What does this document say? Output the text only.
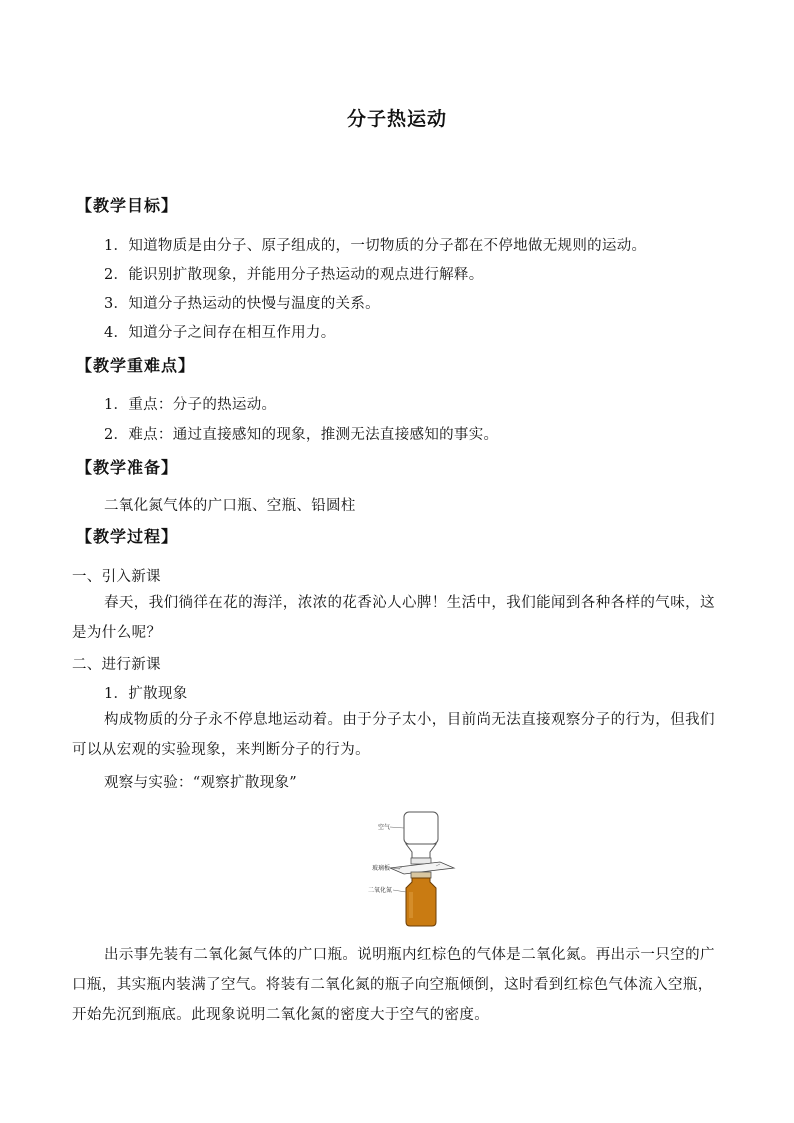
分子热运动
【教学目标】
1．知道物质是由分子、原子组成的，一切物质的分子都在不停地做无规则的运动。
2．能识别扩散现象，并能用分子热运动的观点进行解释。
3．知道分子热运动的快慢与温度的关系。
4．知道分子之间存在相互作用力。
【教学重难点】
1．重点：分子的热运动。
2．难点：通过直接感知的现象，推测无法直接感知的事实。
【教学准备】
二氧化氮气体的广口瓶、空瓶、铅圆柱
【教学过程】
一、引入新课
春天，我们徜徉在花的海洋，浓浓的花香沁人心脾！生活中，我们能闻到各种各样的气味，这是为什么呢？
二、进行新课
1．扩散现象
构成物质的分子永不停息地运动着。由于分子太小，目前尚无法直接观察分子的行为，但我们可以从宏观的实验现象，来判断分子的行为。
观察与实验：“观察扩散现象”
空气
玻璃板
二氧化氮
出示事先装有二氧化氮气体的广口瓶。说明瓶内红棕色的气体是二氧化氮。再出示一只空的广口瓶，其实瓶内装满了空气。将装有二氧化氮的瓶子向空瓶倾倒，这时看到红棕色气体流入空瓶，开始先沉到瓶底。此现象说明二氧化氮的密度大于空气的密度。
